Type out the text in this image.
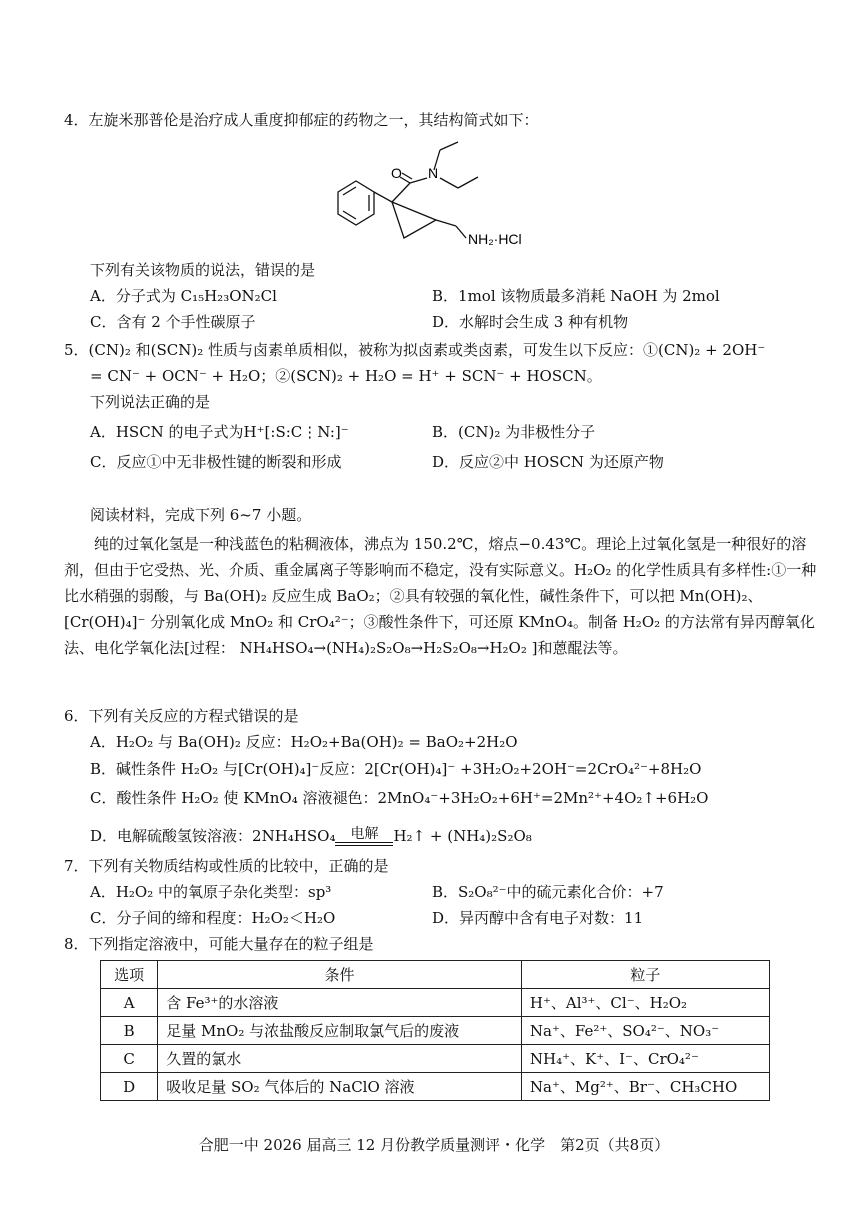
4．左旋米那普伦是治疗成人重度抑郁症的药物之一，其结构简式如下：
O N
NH₂·HCl
下列有关该物质的说法，错误的是
A．分子式为 C₁₅H₂₃ON₂Cl	B．1mol 该物质最多消耗 NaOH 为 2mol
C．含有 2 个手性碳原子	D．水解时会生成 3 种有机物
5．(CN)₂ 和(SCN)₂ 性质与卤素单质相似，被称为拟卤素或类卤素，可发生以下反应：①(CN)₂ + 2OH⁻
= CN⁻ + OCN⁻ + H₂O；②(SCN)₂ + H₂O = H⁺ + SCN⁻ + HOSCN。
下列说法正确的是
A．HSCN 的电子式为H⁺[:S:C⋮N:]⁻	B．(CN)₂ 为非极性分子
C．反应①中无非极性键的断裂和形成	D．反应②中 HOSCN 为还原产物
阅读材料，完成下列 6~7 小题。
纯的过氧化氢是一种浅蓝色的粘稠液体，沸点为 150.2℃，熔点−0.43℃。理论上过氧化氢是一种很好的溶剂，但由于它受热、光、介质、重金属离子等影响而不稳定，没有实际意义。H₂O₂ 的化学性质具有多样性:①一种比水稍强的弱酸，与 Ba(OH)₂ 反应生成 BaO₂；②具有较强的氧化性，碱性条件下，可以把 Mn(OH)₂、[Cr(OH)₄]⁻ 分别氧化成 MnO₂ 和 CrO₄²⁻；③酸性条件下，可还原 KMnO₄。制备 H₂O₂ 的方法常有异丙醇氧化法、电化学氧化法[过程： NH₄HSO₄→(NH₄)₂S₂O₈→H₂S₂O₈→H₂O₂ ]和蒽醌法等。
6．下列有关反应的方程式错误的是
A．H₂O₂ 与 Ba(OH)₂ 反应：H₂O₂+Ba(OH)₂ = BaO₂+2H₂O
B．碱性条件 H₂O₂ 与[Cr(OH)₄]⁻反应：2[Cr(OH)₄]⁻ +3H₂O₂+2OH⁻=2CrO₄²⁻+8H₂O
C．酸性条件 H₂O₂ 使 KMnO₄ 溶液褪色：2MnO₄⁻+3H₂O₂+6H⁺=2Mn²⁺+4O₂↑+6H₂O
D．电解硫酸氢铵溶液：2NH₄HSO₄	电解	H₂↑ + (NH₄)₂S₂O₈
7．下列有关物质结构或性质的比较中，正确的是
A．H₂O₂ 中的氧原子杂化类型：sp³	B．S₂O₈²⁻中的硫元素化合价：+7
C．分子间的缔和程度：H₂O₂＜H₂O	D．异丙醇中含有电子对数：11
8．下列指定溶液中，可能大量存在的粒子组是
选项	条件	粒子
A	含 Fe³⁺的水溶液	H⁺、Al³⁺、Cl⁻、H₂O₂
B	足量 MnO₂ 与浓盐酸反应制取氯气后的废液	Na⁺、Fe²⁺、SO₄²⁻、NO₃⁻
C	久置的氯水	NH₄⁺、K⁺、I⁻、CrO₄²⁻
D	吸收足量 SO₂ 气体后的 NaClO 溶液	Na⁺、Mg²⁺、Br⁻、CH₃CHO
合肥一中 2026 届高三 12 月份教学质量测评・化学　第2页（共8页）
